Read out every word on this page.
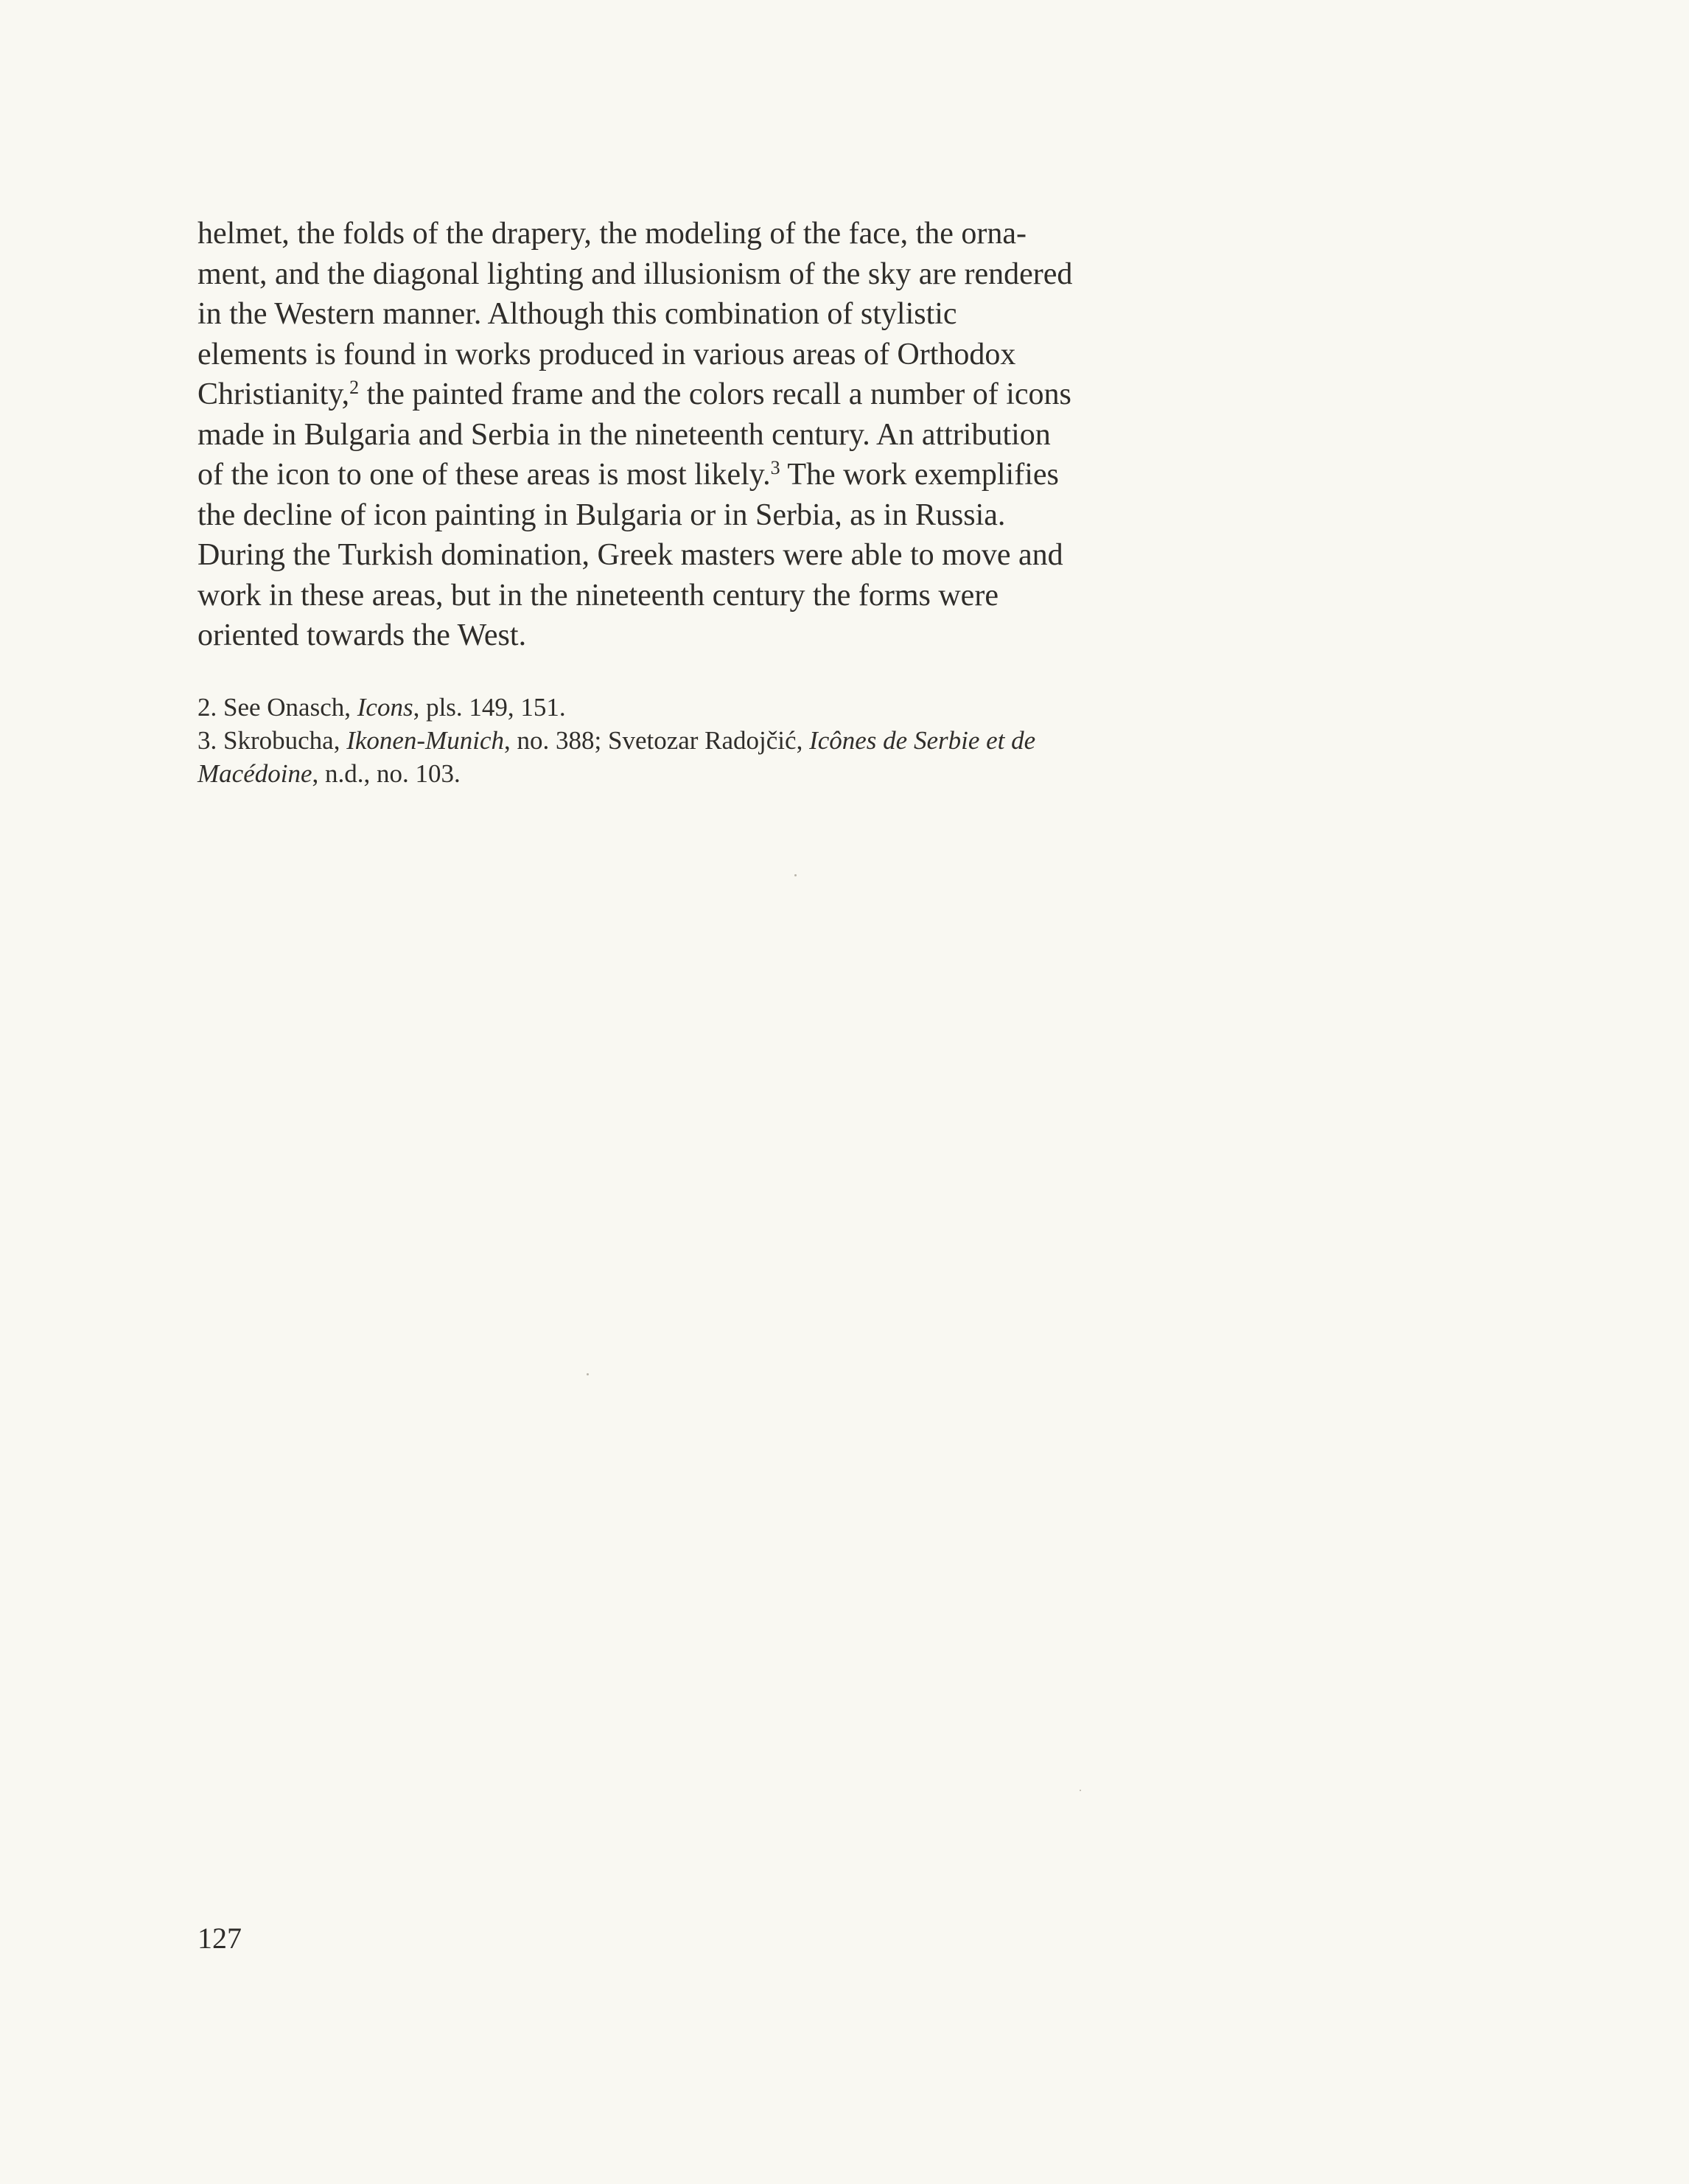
helmet, the folds of the drapery, the modeling of the face, the orna-
ment, and the diagonal lighting and illusionism of the sky are rendered
in the Western manner. Although this combination of stylistic
elements is found in works produced in various areas of Orthodox
Christianity,$^2$ the painted frame and the colors recall a number of icons
made in Bulgaria and Serbia in the nineteenth century. An attribution
of the icon to one of these areas is most likely.$^3$ The work exemplifies
the decline of icon painting in Bulgaria or in Serbia, as in Russia.
During the Turkish domination, Greek masters were able to move and
work in these areas, but in the nineteenth century the forms were
oriented towards the West.
2. See Onasch, Icons, pls. 149, 151.
3. Skrobucha, Ikonen-Munich, no. 388; Svetozar Radojčić, Icônes de Serbie et de
Macédoine, n.d., no. 103.
127
